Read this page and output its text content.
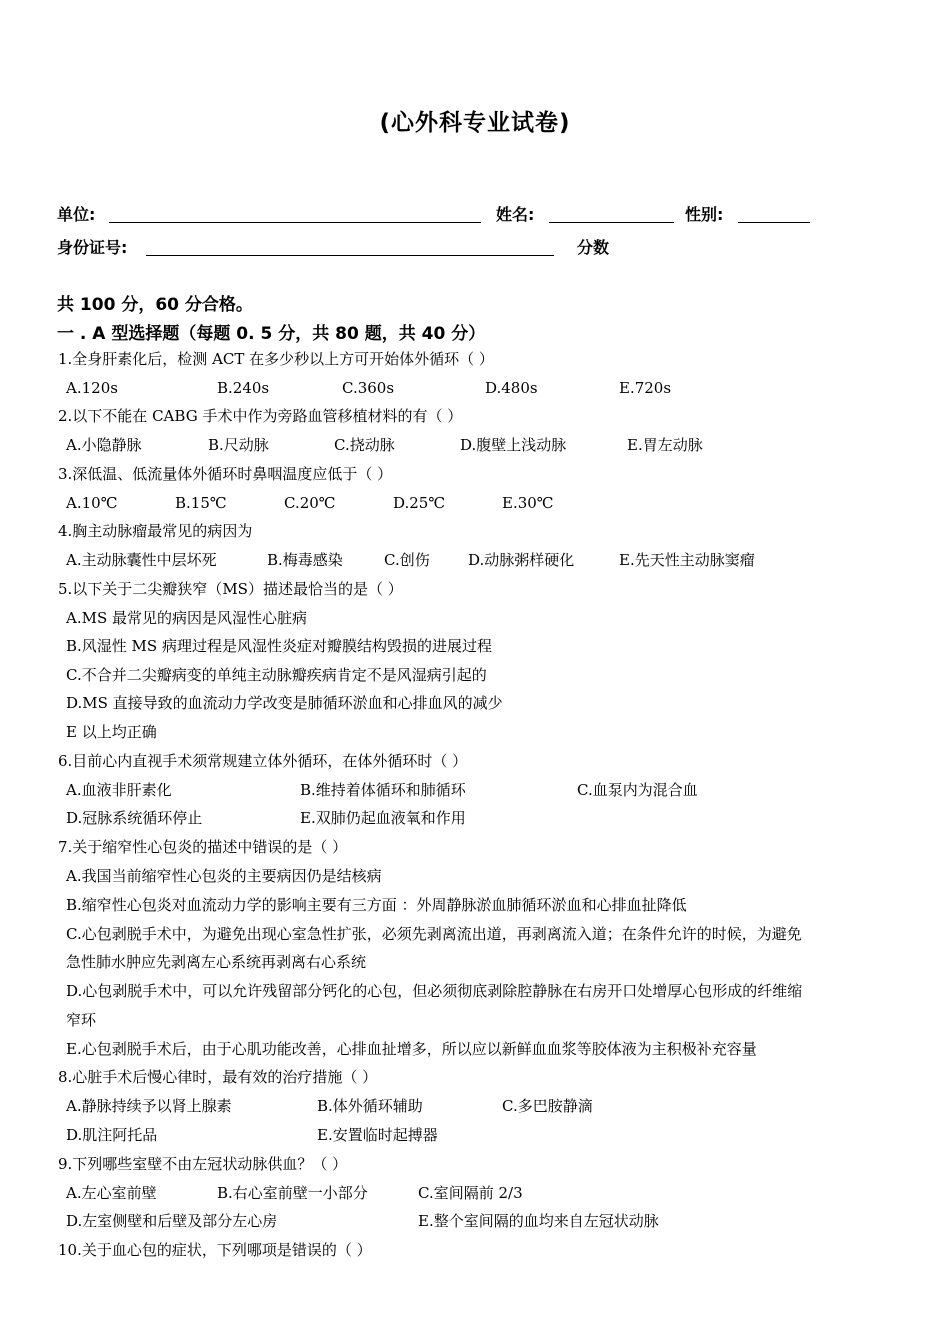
(心外科专业试卷)
单位:	姓名:	性别:
身份证号:	分数
共 100 分，60 分合格。
一 . A 型选择题（每题 0. 5 分，共 80 题，共 40 分）
1.全身肝素化后，检测 ACT 在多少秒以上方可开始体外循环（ ）
A.120s	B.240s	C.360s	D.480s	E.720s
2.以下不能在 CABG 手术中作为旁路血管移植材料的有（ ）
A.小隐静脉	B.尺动脉	C.挠动脉	D.腹壁上浅动脉	E.胃左动脉
3.深低温、低流量体外循环时鼻咽温度应低于（ ）
A.10℃	B.15℃	C.20℃	D.25℃	E.30℃
4.胸主动脉瘤最常见的病因为
A.主动脉囊性中层坏死	B.梅毒感染	C.创伤	D.动脉粥样硬化	E.先天性主动脉窦瘤
5.以下关于二尖瓣狭窄（MS）描述最恰当的是（ ）
A.MS 最常见的病因是风湿性心脏病
B.风湿性 MS 病理过程是风湿性炎症对瓣膜结构毁损的进展过程
C.不合并二尖瓣病变的单纯主动脉瓣疾病肯定不是风湿病引起的
D.MS 直接导致的血流动力学改变是肺循环淤血和心排血风的减少
E 以上均正确
6.目前心内直视手术须常规建立体外循环，在体外循环时（ ）
A.血液非肝素化	B.维持着体循环和肺循环	C.血泵内为混合血
D.冠脉系统循环停止	E.双肺仍起血液氧和作用
7.关于缩窄性心包炎的描述中错误的是（ ）
A.我国当前缩窄性心包炎的主要病因仍是结核病
B.缩窄性心包炎对血流动力学的影响主要有三方面 ：外周静脉淤血肺循环淤血和心排血扯降低
C.心包剥脱手术中，为避免出现心室急性扩张，必须先剥离流出道，再剥离流入道；在条件允许的时候，为避免
急性肺水肿应先剥离左心系统再剥离右心系统
D.心包剥脱手术中，可以允许残留部分钙化的心包，但必须彻底剥除腔静脉在右房开口处增厚心包形成的纤维缩
窄环
E.心包剥脱手术后，由于心肌功能改善，心排血扯增多，所以应以新鲜血血浆等胶体液为主积极补充容量
8.心脏手术后慢心律时，最有效的治疗措施（ ）
A.静脉持续予以肾上腺素	B.体外循环辅助	C.多巴胺静滴
D.肌注阿托品	E.安置临时起搏器
9.下列哪些室壁不由左冠状动脉供血？（ ）
A.左心室前壁	B.右心室前壁一小部分	C.室间隔前 2/3
D.左室侧壁和后壁及部分左心房	E.整个室间隔的血均来自左冠状动脉
10.关于血心包的症状，下列哪项是错误的（ ）
